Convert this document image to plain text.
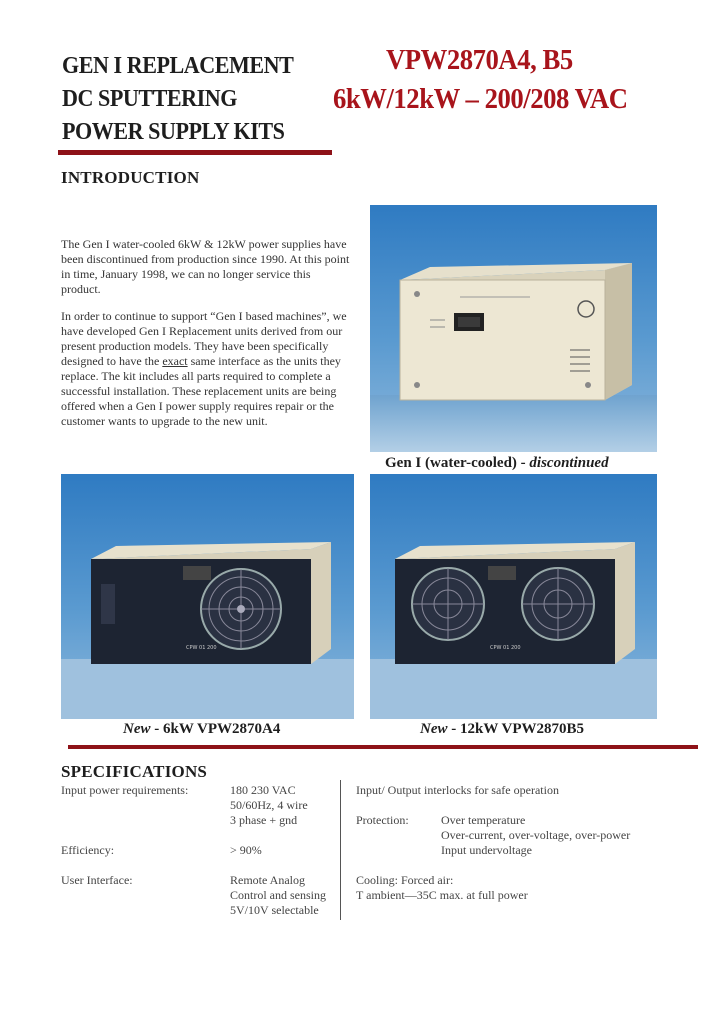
GEN I REPLACEMENT
DC SPUTTERING
POWER SUPPLY KITS
VPW2870A4, B5
6kW/12kW – 200/208 VAC
INTRODUCTION

The Gen I water-cooled 6kW & 12kW power supplies have been discontinued from production since 1990. At this point in time, January 1998, we can no longer service this product.

In order to continue to support “Gen I based machines”, we have developed Gen I Replacement units derived from our present production models. They have been specifically designed to have the exact same interface as the units they replace. The kit includes all parts required to complete a successful installation. These replacement units are being offered when a Gen I power supply requires repair or the customer wants to upgrade to the new unit.

Gen I (water-cooled) - discontinued
CPW 01 200	CPW 01 200
New - 6kW VPW2870A4	New - 12kW VPW2870B5
SPECIFICATIONS
Input power requirements:	180 230 VAC
50/60Hz, 4 wire
3 phase + gnd
Efficiency:	> 90%
User Interface:	Remote Analog
Control and sensing
5V/10V selectable
Input/ Output interlocks for safe operation
Protection:	Over temperature
Over-current, over-voltage, over-power
Input undervoltage
Cooling: Forced air:
T ambient—35C max. at full power
